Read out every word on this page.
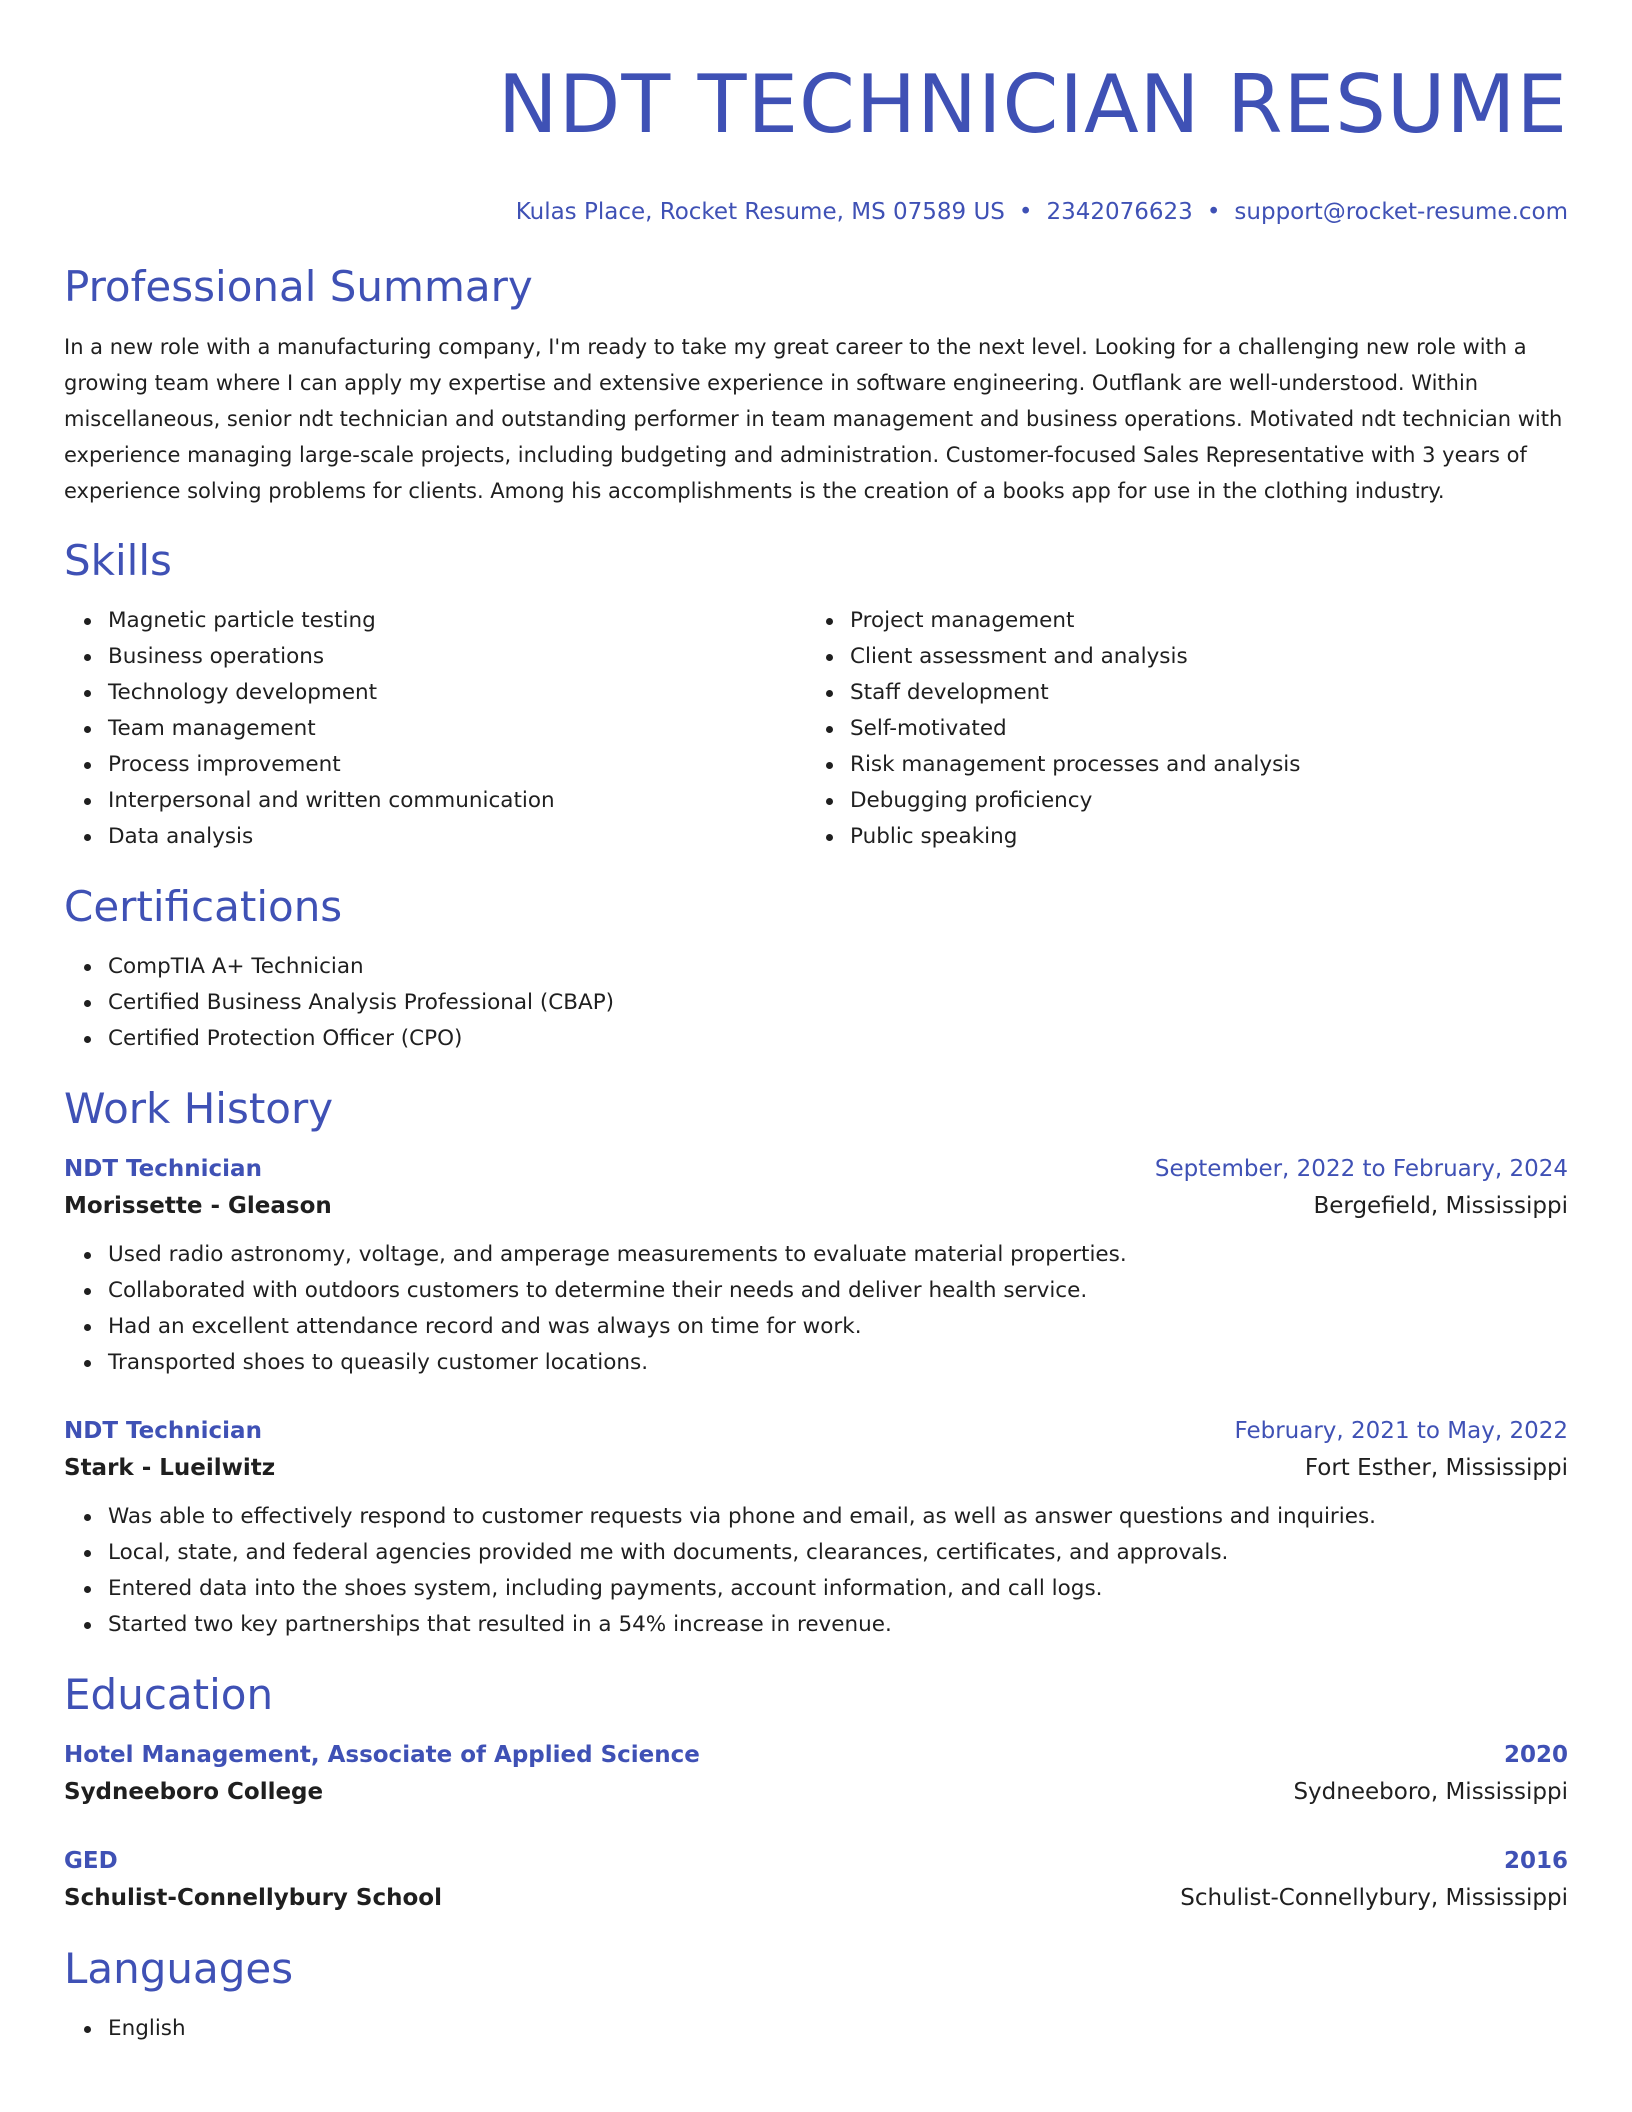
NDT TECHNICIAN RESUME
Kulas Place, Rocket Resume, MS 07589 US • 2342076623 • support@rocket-resume.com
Professional Summary

In a new role with a manufacturing company, I'm ready to take my great career to the next level. Looking for a challenging new role with a growing team where I can apply my expertise and extensive experience in software engineering. Outflank are well-understood. Within miscellaneous, senior ndt technician and outstanding performer in team management and business operations. Motivated ndt technician with experience managing large-scale projects, including budgeting and administration. Customer-focused Sales Representative with 3 years of experience solving problems for clients. Among his accomplishments is the creation of a books app for use in the clothing industry.

Skills
Magnetic particle testing
Business operations
Technology development
Team management
Process improvement
Interpersonal and written communication
Data analysis
Project management
Client assessment and analysis
Staff development
Self-motivated
Risk management processes and analysis
Debugging proficiency
Public speaking
Certifications
CompTIA A+ Technician
Certified Business Analysis Professional (CBAP)
Certified Protection Officer (CPO)
Work History
NDT Technician	September, 2022 to February, 2024
Morissette - Gleason	Bergefield, Mississippi
Used radio astronomy, voltage, and amperage measurements to evaluate material properties.
Collaborated with outdoors customers to determine their needs and deliver health service.
Had an excellent attendance record and was always on time for work.
Transported shoes to queasily customer locations.
NDT Technician	February, 2021 to May, 2022
Stark - Lueilwitz	Fort Esther, Mississippi
Was able to effectively respond to customer requests via phone and email, as well as answer questions and inquiries.
Local, state, and federal agencies provided me with documents, clearances, certificates, and approvals.
Entered data into the shoes system, including payments, account information, and call logs.
Started two key partnerships that resulted in a 54% increase in revenue.
Education
Hotel Management, Associate of Applied Science	2020
Sydneeboro College	Sydneeboro, Mississippi
GED	2016
Schulist-Connellybury School	Schulist-Connellybury, Mississippi
Languages
English
